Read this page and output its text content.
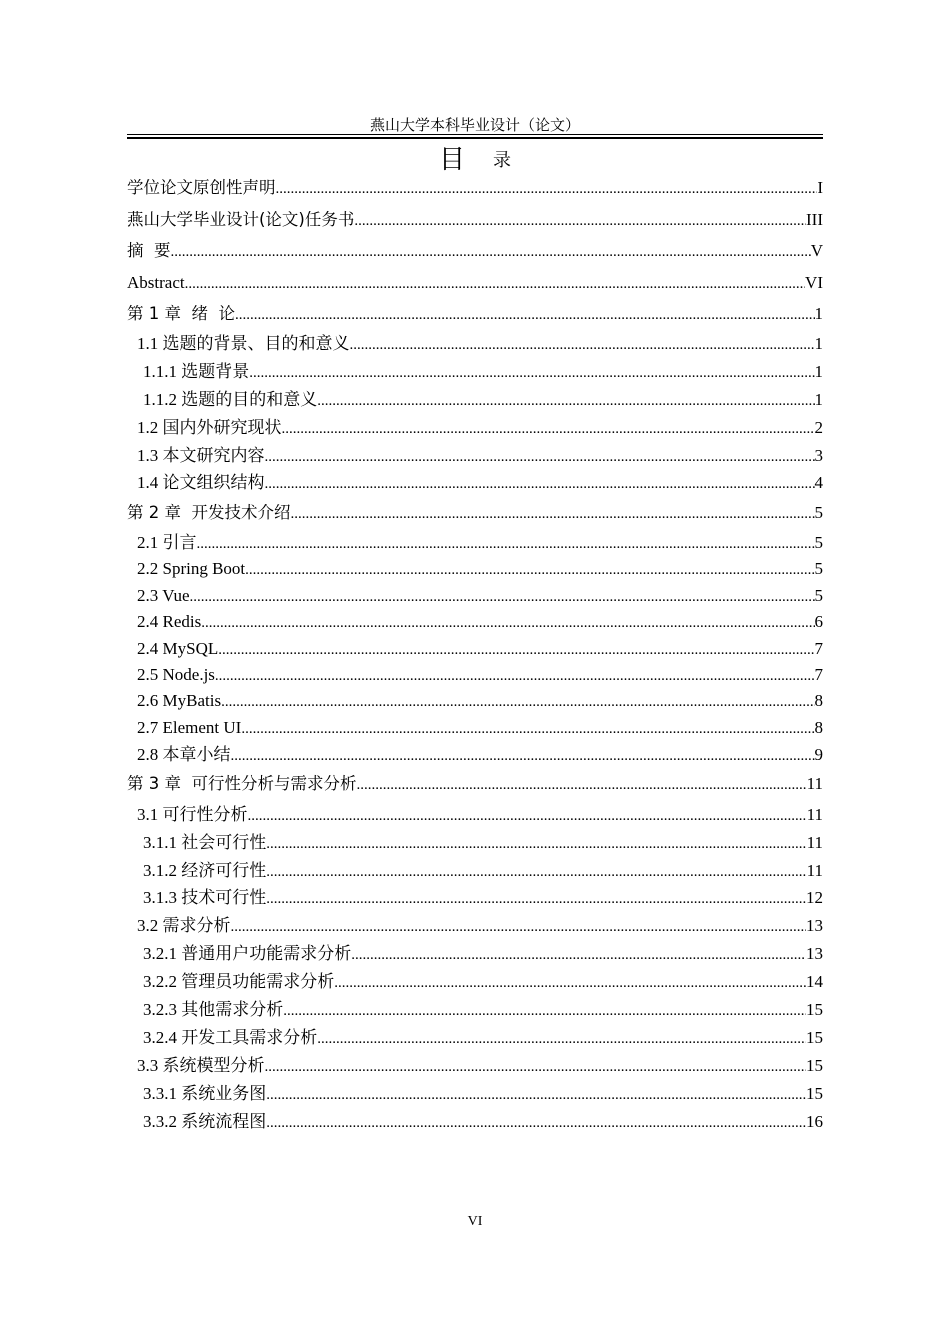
燕山大学本科毕业设计（论文）
目 录
学位论文原创性声明 .....	I
燕山大学毕业设计(论文)任务书 .....	III
摘  要 .....	V
Abstract .....	VI
第 1 章  绪  论 .....	1
1.1 选题的背景、目的和意义 .....	1
1.1.1 选题背景 .....	1
1.1.2 选题的目的和意义 .....	1
1.2 国内外研究现状 .....	2
1.3 本文研究内容 .....	3
1.4 论文组织结构 .....	4
第 2 章  开发技术介绍 .....	5
2.1 引言 .....	5
2.2 Spring Boot .....	5
2.3 Vue .....	5
2.4 Redis .....	6
2.4 MySQL .....	7
2.5 Node.js .....	7
2.6 MyBatis .....	8
2.7 Element UI .....	8
2.8 本章小结 .....	9
第 3 章  可行性分析与需求分析 .....	11
3.1 可行性分析 .....	11
3.1.1 社会可行性 .....	11
3.1.2 经济可行性 .....	11
3.1.3 技术可行性 .....	12
3.2 需求分析 .....	13
3.2.1 普通用户功能需求分析 .....	13
3.2.2 管理员功能需求分析 .....	14
3.2.3 其他需求分析 .....	15
3.2.4 开发工具需求分析 .....	15
3.3 系统模型分析 .....	15
3.3.1 系统业务图 .....	15
3.3.2 系统流程图 .....	16
VI
